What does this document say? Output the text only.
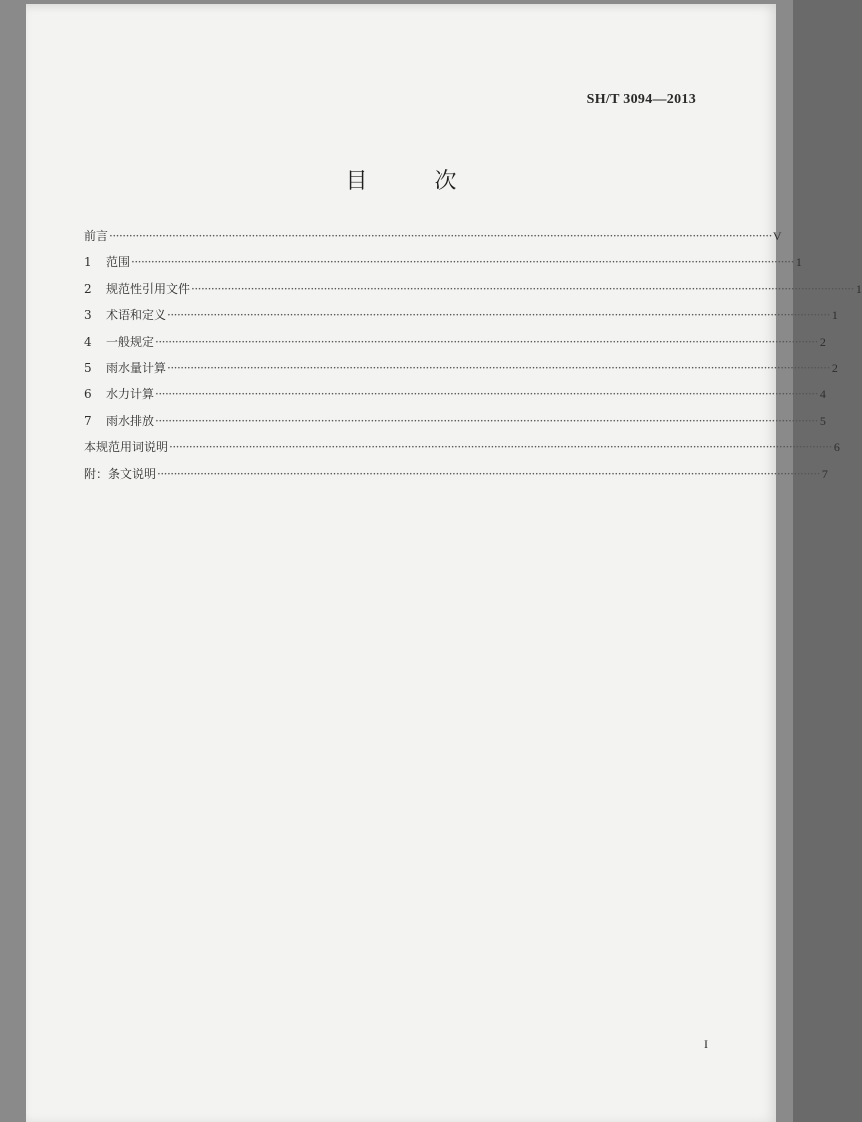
SH/T 3094—2013
目 次
前言 ········································································································································································································ V
1	范围 ········································································································································································································ 1
2	规范性引用文件 ········································································································································································································ 1
3	术语和定义 ········································································································································································································ 1
4	一般规定 ········································································································································································································ 2
5	雨水量计算 ········································································································································································································ 2
6	水力计算 ········································································································································································································ 4
7	雨水排放 ········································································································································································································ 5
本规范用词说明 ········································································································································································································ 6
附：条文说明 ········································································································································································································ 7
I
